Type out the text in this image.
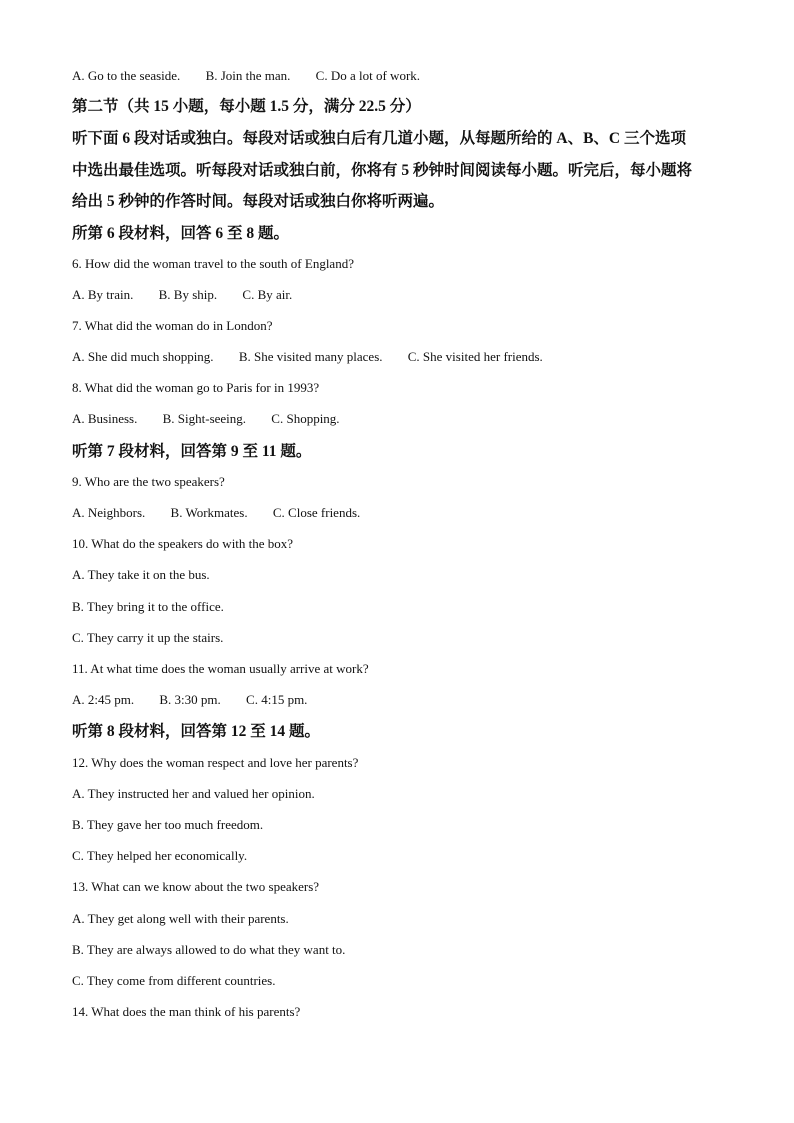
A. Go to the seaside. B. Join the man. C. Do a lot of work.
第二节（共 15 小题，每小题 1.5 分，满分 22.5 分）
听下面 6 段对话或独白。每段对话或独白后有几道小题，从每题所给的 A、B、C 三个选项
中选出最佳选项。听每段对话或独白前，你将有 5 秒钟时间阅读每小题。听完后，每小题将
给出 5 秒钟的作答时间。每段对话或独白你将听两遍。
所第 6 段材料，回答 6 至 8 题。
6. How did the woman travel to the south of England?
A. By train. B. By ship. C. By air.
7. What did the woman do in London?
A. She did much shopping. B. She visited many places. C. She visited her friends.
8. What did the woman go to Paris for in 1993?
A. Business. B. Sight-seeing. C. Shopping.
听第 7 段材料，回答第 9 至 11 题。
9. Who are the two speakers?
A. Neighbors. B. Workmates. C. Close friends.
10. What do the speakers do with the box?
A. They take it on the bus.
B. They bring it to the office.
C. They carry it up the stairs.
11. At what time does the woman usually arrive at work?
A. 2:45 pm. B. 3:30 pm. C. 4:15 pm.
听第 8 段材料，回答第 12 至 14 题。
12. Why does the woman respect and love her parents?
A. They instructed her and valued her opinion.
B. They gave her too much freedom.
C. They helped her economically.
13. What can we know about the two speakers?
A. They get along well with their parents.
B. They are always allowed to do what they want to.
C. They come from different countries.
14. What does the man think of his parents?
